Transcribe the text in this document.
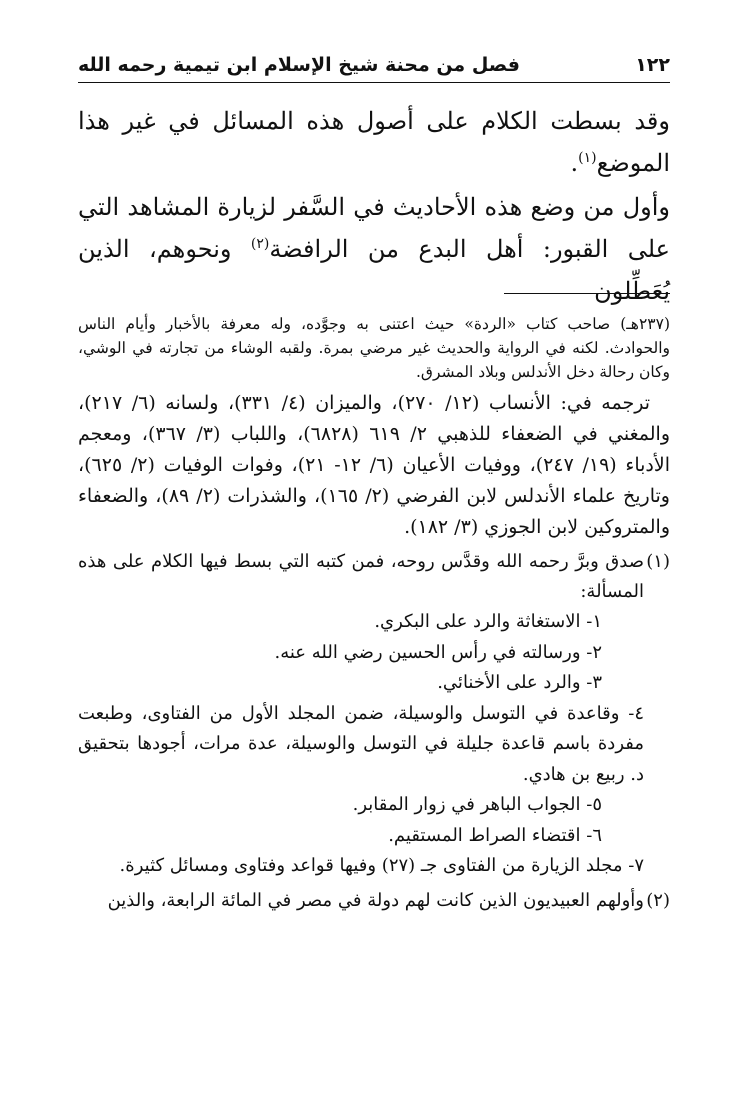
فصل من محنة شيخ الإسلام ابن تيمية رحمه الله	١٢٢

وقد بسطت الكلام على أصول هذه المسائل في غير هذا الموضع$^{(١)}$.

وأول من وضع هذه الأحاديث في السَّفر لزيارة المشاهد التي على القبور: أهل البدع من الرافضة$^{(٢)}$ ونحوهم، الذين يُعَطِّلون

(٢٣٧هـ) صاحب كتاب «الردة» حيث اعتنى به وجوَّده، وله معرفة بالأخبار وأيام الناس والحوادث. لكنه في الرواية والحديث غير مرضي بمرة. ولقبه الوشاء من تجارته في الوشي، وكان رحالة دخل الأندلس وبلاد المشرق.

ترجمه في: الأنساب (١٢/ ٢٧٠)، والميزان (٤/ ٣٣١)، ولسانه (٦/ ٢١٧)، والمغني في الضعفاء للذهبي ٢/ ٦١٩ (٦٨٢٨)، واللباب (٣/ ٣٦٧)، ومعجم الأدباء (١٩/ ٢٤٧)، ووفيات الأعيان (٦/ ١٢- ٢١)، وفوات الوفيات (٢/ ٦٢٥)، وتاريخ علماء الأندلس لابن الفرضي (٢/ ١٦٥)، والشذرات (٢/ ٨٩)، والضعفاء والمتروكين لابن الجوزي (٣/ ١٨٢).

(١)

صدق وبرَّ رحمه الله وقدَّس روحه، فمن كتبه التي بسط فيها الكلام على هذه المسألة:

١- الاستغاثة والرد على البكري.
٢- ورسالته في رأس الحسين رضي الله عنه.
٣- والرد على الأخنائي.
٤- وقاعدة في التوسل والوسيلة، ضمن المجلد الأول من الفتاوى، وطبعت مفردة باسم قاعدة جليلة في التوسل والوسيلة، عدة مرات، أجودها بتحقيق د. ربيع بن هادي.
٥- الجواب الباهر في زوار المقابر.
٦- اقتضاء الصراط المستقيم.
٧- مجلد الزيارة من الفتاوى جـ (٢٧) وفيها قواعد وفتاوى ومسائل كثيرة.
(٢)

وأولهم العبيديون الذين كانت لهم دولة في مصر في المائة الرابعة، والذين
